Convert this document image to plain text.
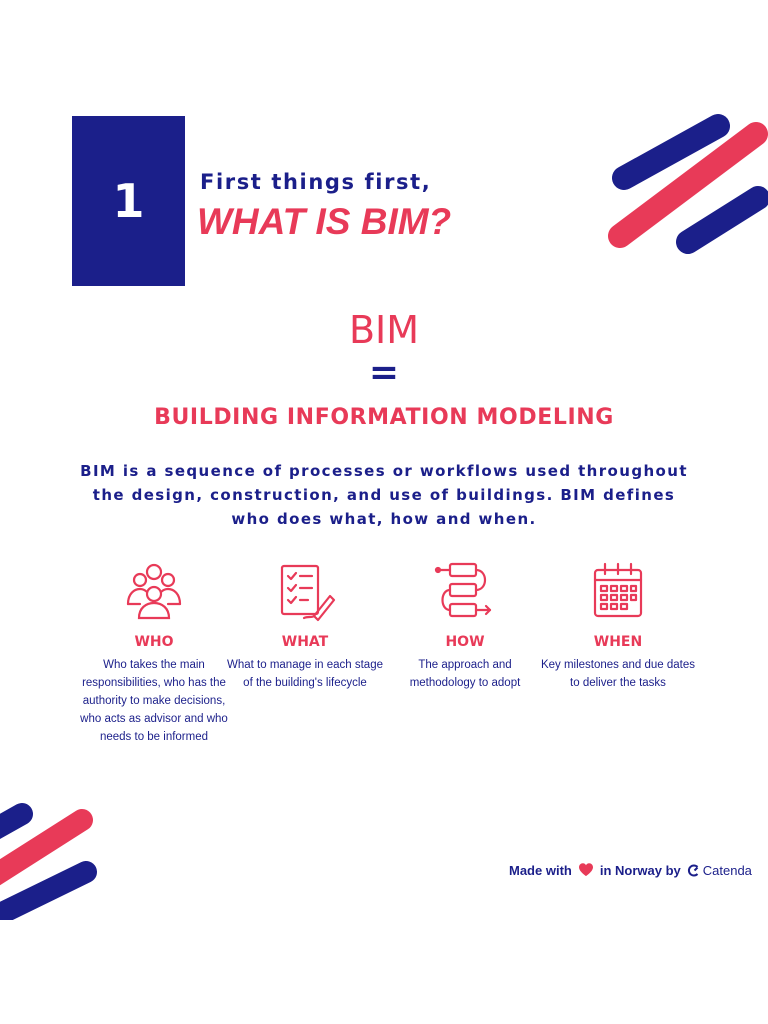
1	First things first,
WHAT IS BIM?
BIM
=
BUILDING INFORMATION MODELING
BIM is a sequence of processes or workflows used throughout the design, construction, and use of buildings. BIM defines who does what, how and when.
WHO
Who takes the main responsibilities, who has the authority to make decisions, who acts as advisor and who needs to be informed
WHAT
What to manage in each stage of the building's lifecycle
HOW
The approach and methodology to adopt
WHEN
Key milestones and due dates to deliver the tasks
Made with in Norway by Catenda
